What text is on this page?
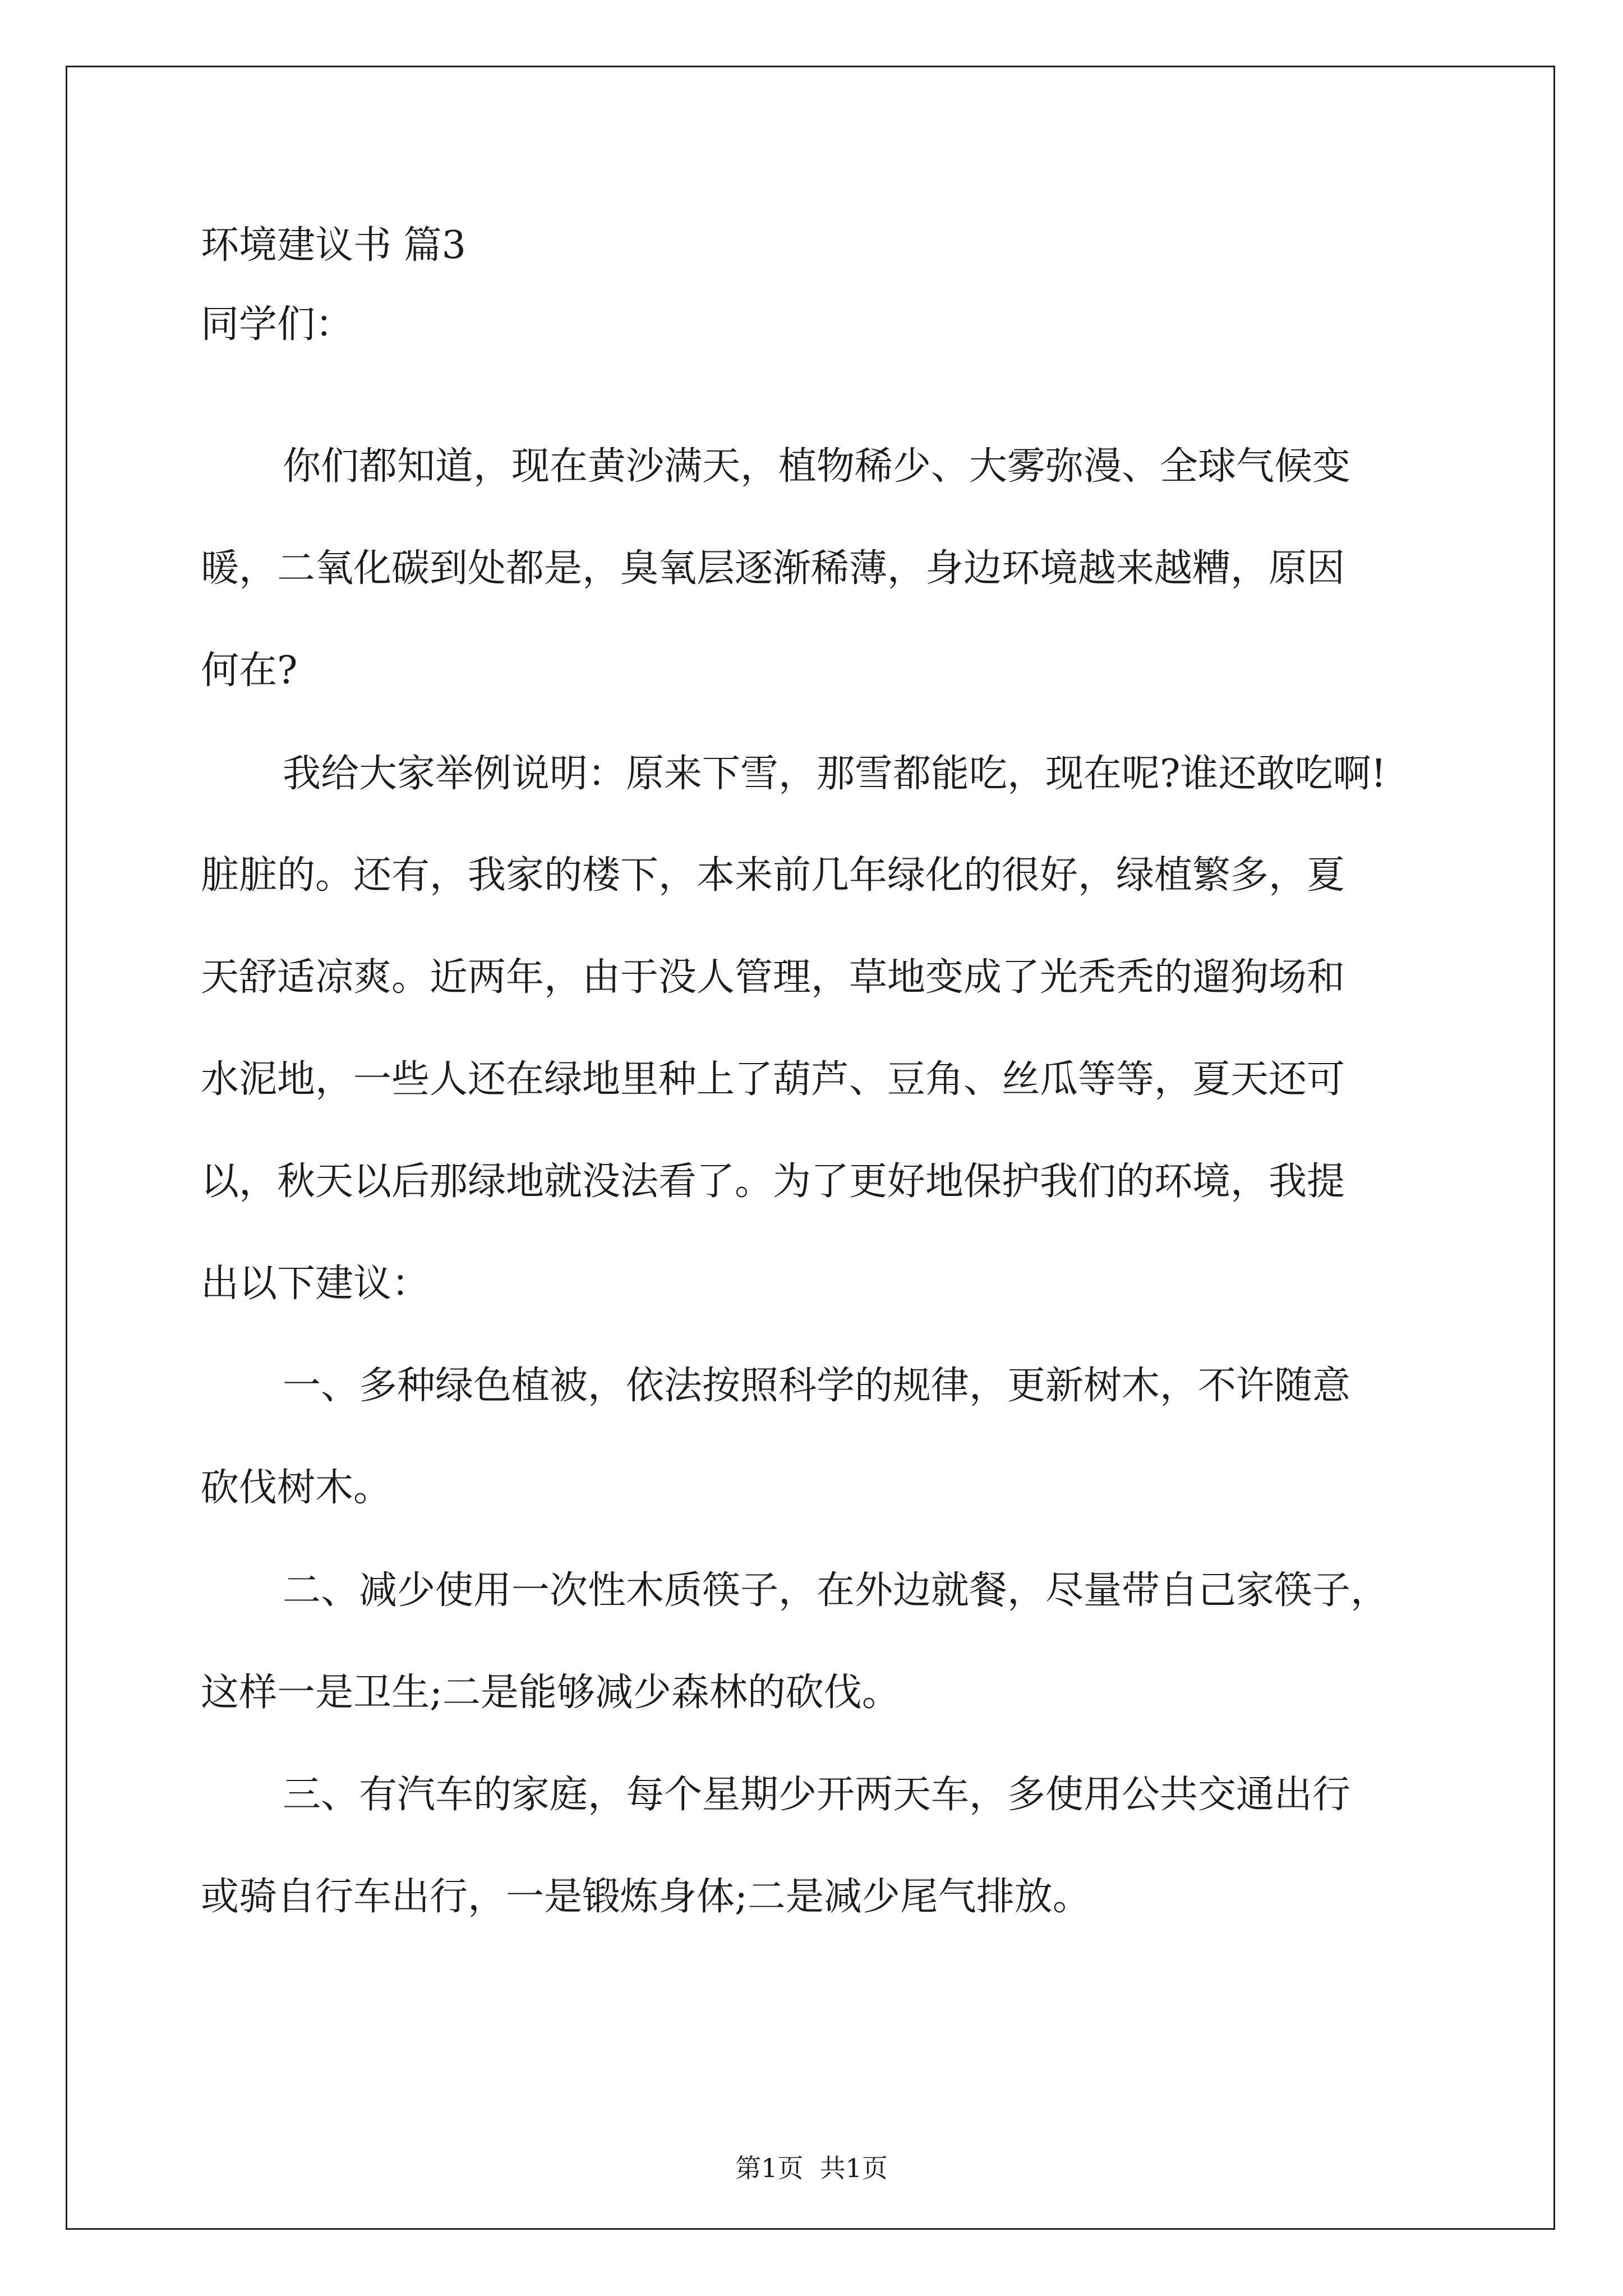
环境建议书 篇3
同学们：
你们都知道，现在黄沙满天，植物稀少、大雾弥漫、全球气候变
暖，二氧化碳到处都是，臭氧层逐渐稀薄，身边环境越来越糟，原因
何在?
我给大家举例说明：原来下雪，那雪都能吃，现在呢?谁还敢吃啊!
脏脏的。还有，我家的楼下，本来前几年绿化的很好，绿植繁多，夏
天舒适凉爽。近两年，由于没人管理，草地变成了光秃秃的遛狗场和
水泥地，一些人还在绿地里种上了葫芦、豆角、丝瓜等等，夏天还可
以，秋天以后那绿地就没法看了。为了更好地保护我们的环境，我提
出以下建议：
一、多种绿色植被，依法按照科学的规律，更新树木，不许随意
砍伐树木。
二、减少使用一次性木质筷子，在外边就餐，尽量带自己家筷子，
这样一是卫生;二是能够减少森林的砍伐。
三、有汽车的家庭，每个星期少开两天车，多使用公共交通出行
或骑自行车出行，一是锻炼身体;二是减少尾气排放。
第1页  共1页
